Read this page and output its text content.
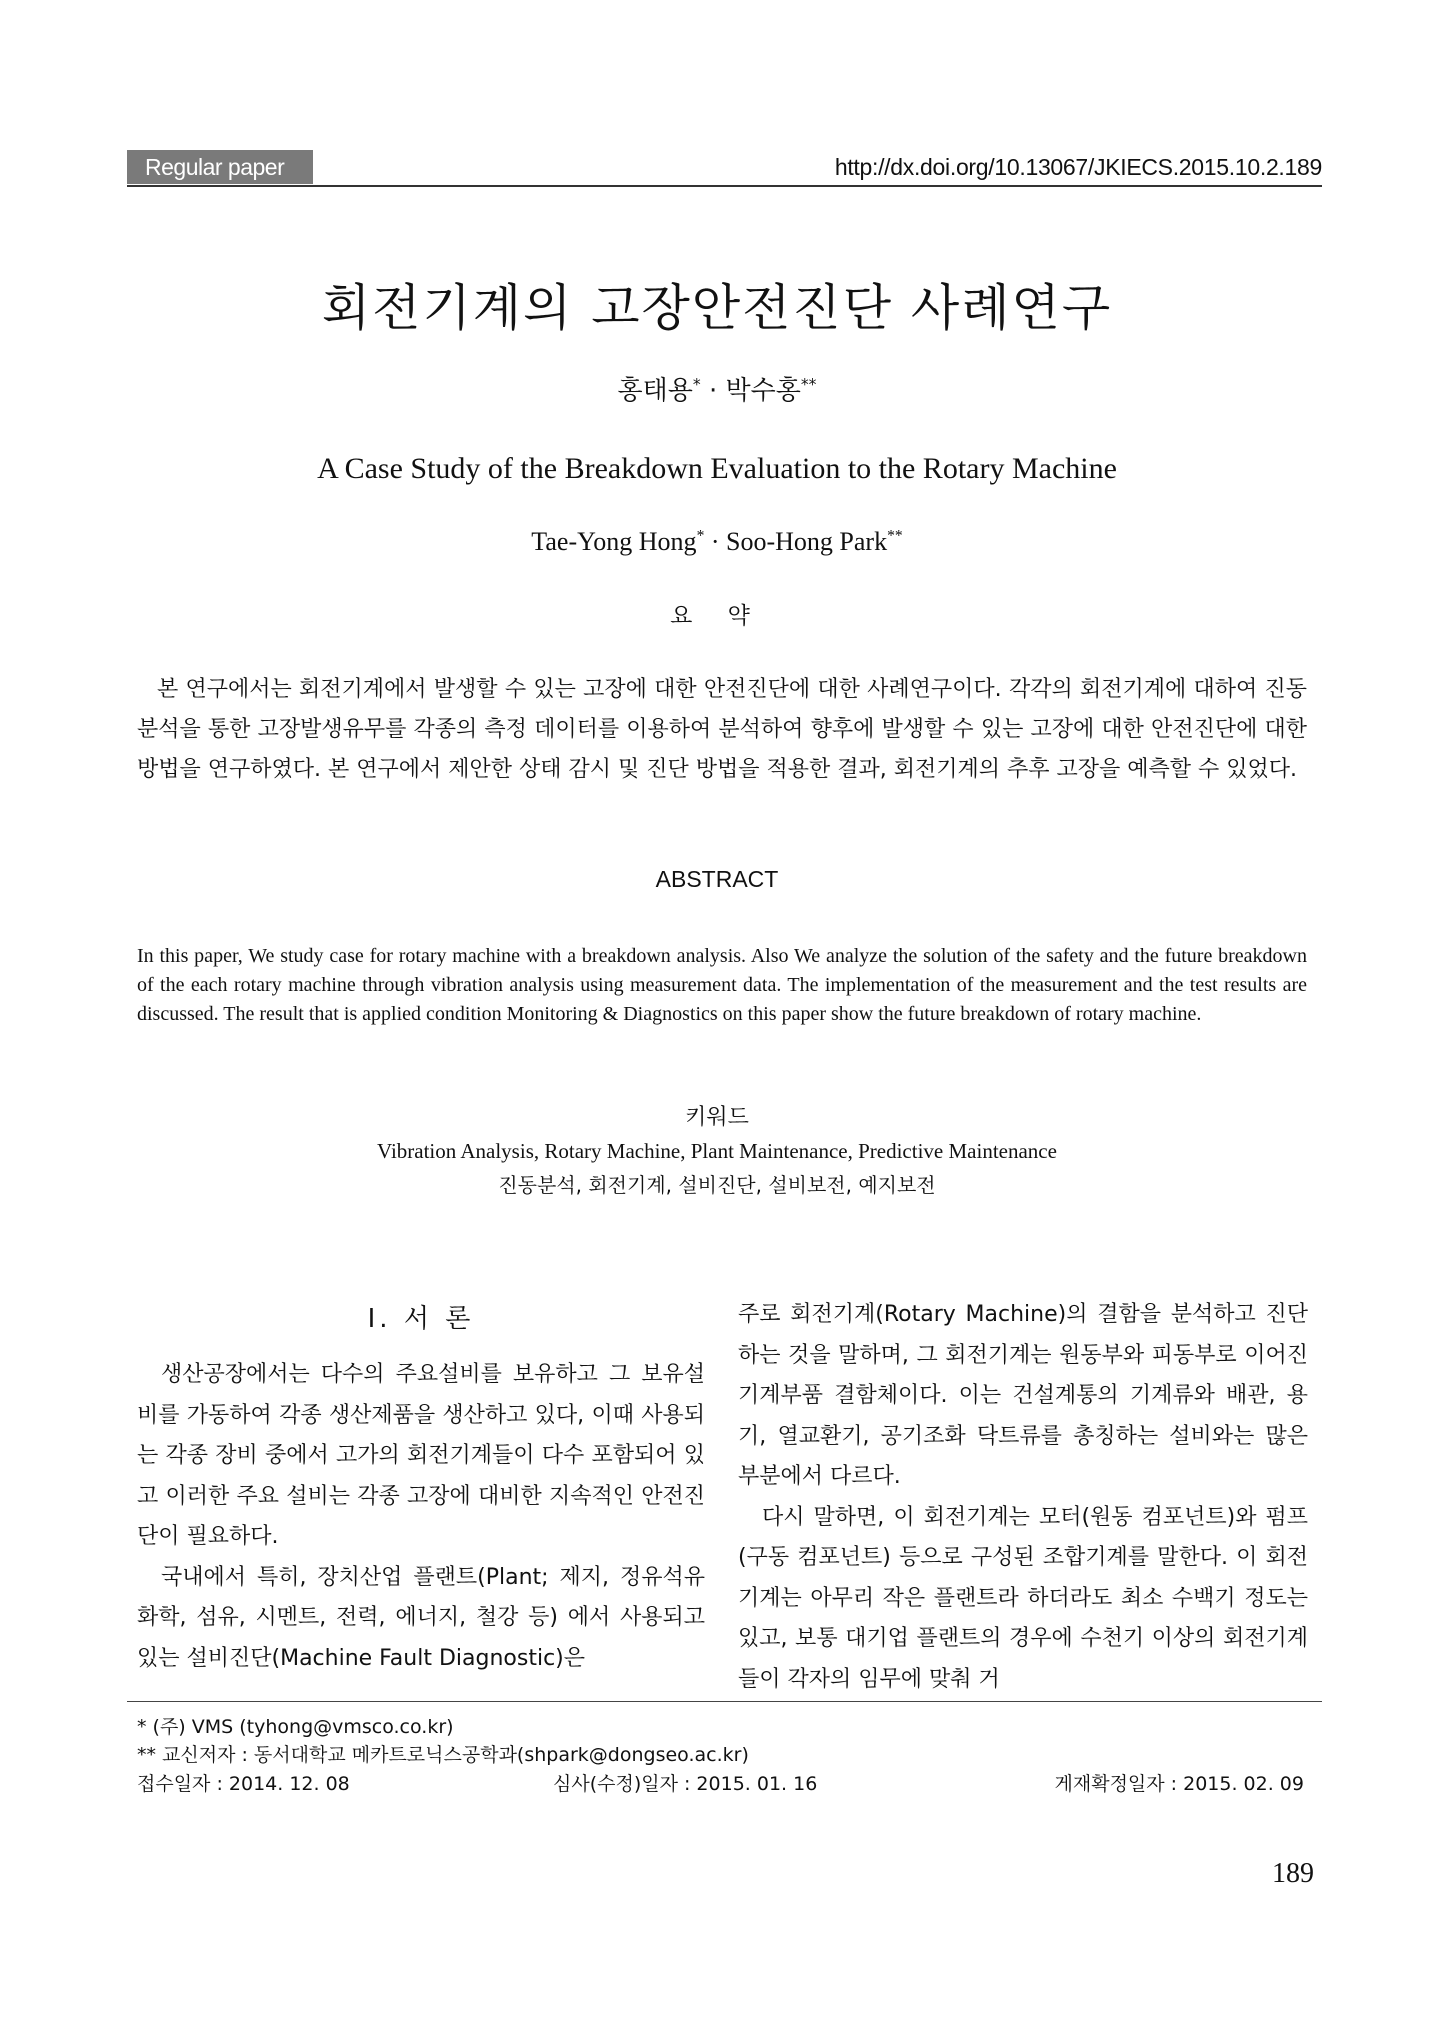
Regular paper	http://dx.doi.org/10.13067/JKIECS.2015.10.2.189
회전기계의 고장안전진단 사례연구
홍태용* · 박수홍**
A Case Study of the Breakdown Evaluation to the Rotary Machine
Tae-Yong Hong* · Soo-Hong Park**
요 약
본 연구에서는 회전기계에서 발생할 수 있는 고장에 대한 안전진단에 대한 사례연구이다. 각각의 회전기계에 대하여 진동분석을 통한 고장발생유무를 각종의 측정 데이터를 이용하여 분석하여 향후에 발생할 수 있는 고장에 대한 안전진단에 대한 방법을 연구하였다. 본 연구에서 제안한 상태 감시 및 진단 방법을 적용한 결과, 회전기계의 추후 고장을 예측할 수 있었다.
ABSTRACT
In this paper, We study case for rotary machine with a breakdown analysis. Also We analyze the solution of the safety and the future breakdown of the each rotary machine through vibration analysis using measurement data. The implementation of the measurement and the test results are discussed. The result that is applied condition Monitoring & Diagnostics on this paper show the future breakdown of rotary machine.
키워드
Vibration Analysis, Rotary Machine, Plant Maintenance, Predictive Maintenance
진동분석, 회전기계, 설비진단, 설비보전, 예지보전
Ⅰ. 서 론

생산공장에서는 다수의 주요설비를 보유하고 그 보유설비를 가동하여 각종 생산제품을 생산하고 있다, 이때 사용되는 각종 장비 중에서 고가의 회전기계들이 다수 포함되어 있고 이러한 주요 설비는 각종 고장에 대비한 지속적인 안전진단이 필요하다.

국내에서 특히, 장치산업 플랜트(Plant; 제지, 정유석유화학, 섬유, 시멘트, 전력, 에너지, 철강 등) 에서 사용되고 있는 설비진단(Machine Fault Diagnostic)은

주로 회전기계(Rotary Machine)의 결함을 분석하고 진단하는 것을 말하며, 그 회전기계는 원동부와 피동부로 이어진 기계부품 결함체이다. 이는 건설계통의 기계류와 배관, 용기, 열교환기, 공기조화 닥트류를 총칭하는 설비와는 많은 부분에서 다르다.

다시 말하면, 이 회전기계는 모터(원동 컴포넌트)와 펌프(구동 컴포넌트) 등으로 구성된 조합기계를 말한다. 이 회전기계는 아무리 작은 플랜트라 하더라도 최소 수백기 정도는 있고, 보통 대기업 플랜트의 경우에 수천기 이상의 회전기계들이 각자의 임무에 맞춰 거

* (주) VMS (tyhong@vmsco.co.kr)
** 교신저자 : 동서대학교 메카트로닉스공학과(shpark@dongseo.ac.kr)
접수일자 : 2014. 12. 08	심사(수정)일자 : 2015. 01. 16	게재확정일자 : 2015. 02. 09
189
